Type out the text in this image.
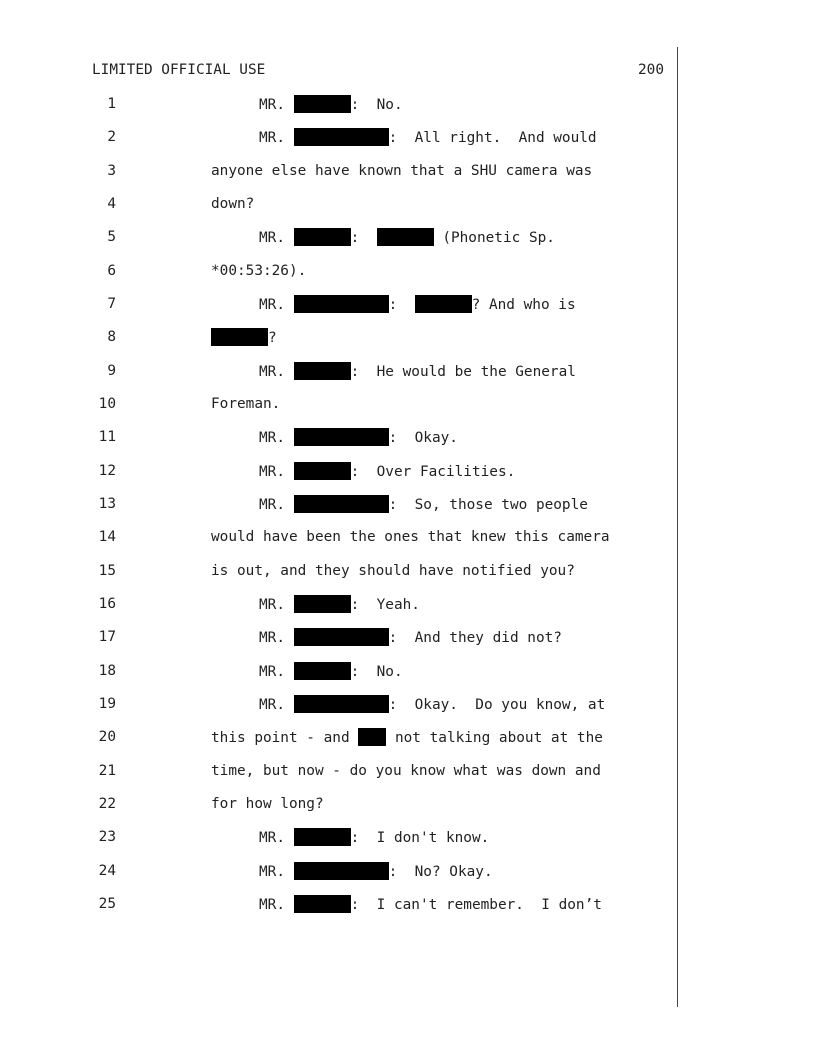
LIMITED OFFICIAL USE	200
1	MR.	:  No.
2	MR.	:  All right.  And would
3	anyone else have known that a SHU camera was
4	down?
5	MR.	:	(Phonetic Sp.
6	*00:53:26).
7	MR.	:	? And who is
8	?
9	MR.	:  He would be the General
10	Foreman.
11	MR.	:  Okay.
12	MR.	:  Over Facilities.
13	MR.	:  So, those two people
14	would have been the ones that knew this camera
15	is out, and they should have notified you?
16	MR.	:  Yeah.
17	MR.	:  And they did not?
18	MR.	:  No.
19	MR.	:  Okay.  Do you know, at
20	this point - and  not talking about at the
21	time, but now - do you know what was down and
22	for how long?
23	MR.	:  I don't know.
24	MR.	:  No? Okay.
25	MR.	:  I can't remember.  I don’t
